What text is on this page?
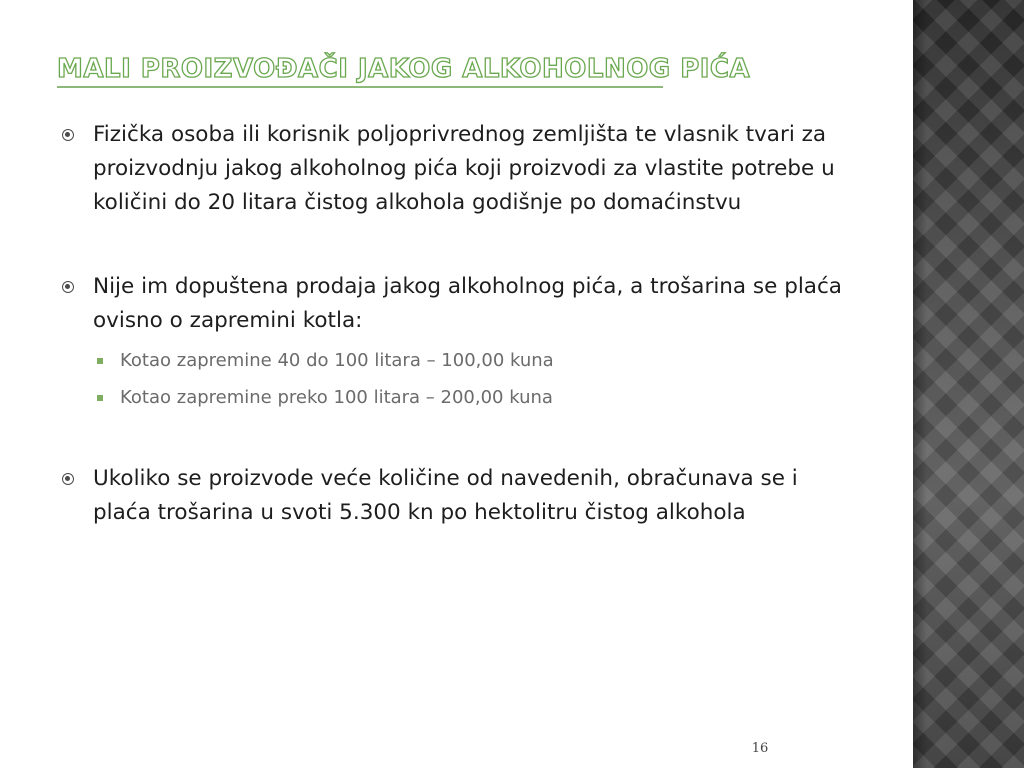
MALI PROIZVOĐAČI JAKOG ALKOHOLNOG PIĆA
Fizička osoba ili korisnik poljoprivrednog zemljišta te vlasnik tvari za proizvodnju jakog alkoholnog pića koji proizvodi za vlastite potrebe u količini do 20 litara čistog alkohola godišnje po domaćinstvu
Nije im dopuštena prodaja jakog alkoholnog pića, a trošarina se plaća ovisno o zapremini kotla:
Kotao zapremine 40 do 100 litara – 100,00 kuna
Kotao zapremine preko 100 litara – 200,00 kuna
Ukoliko se proizvode veće količine od navedenih, obračunava se i plaća trošarina u svoti 5.300 kn po hektolitru čistog alkohola
16
